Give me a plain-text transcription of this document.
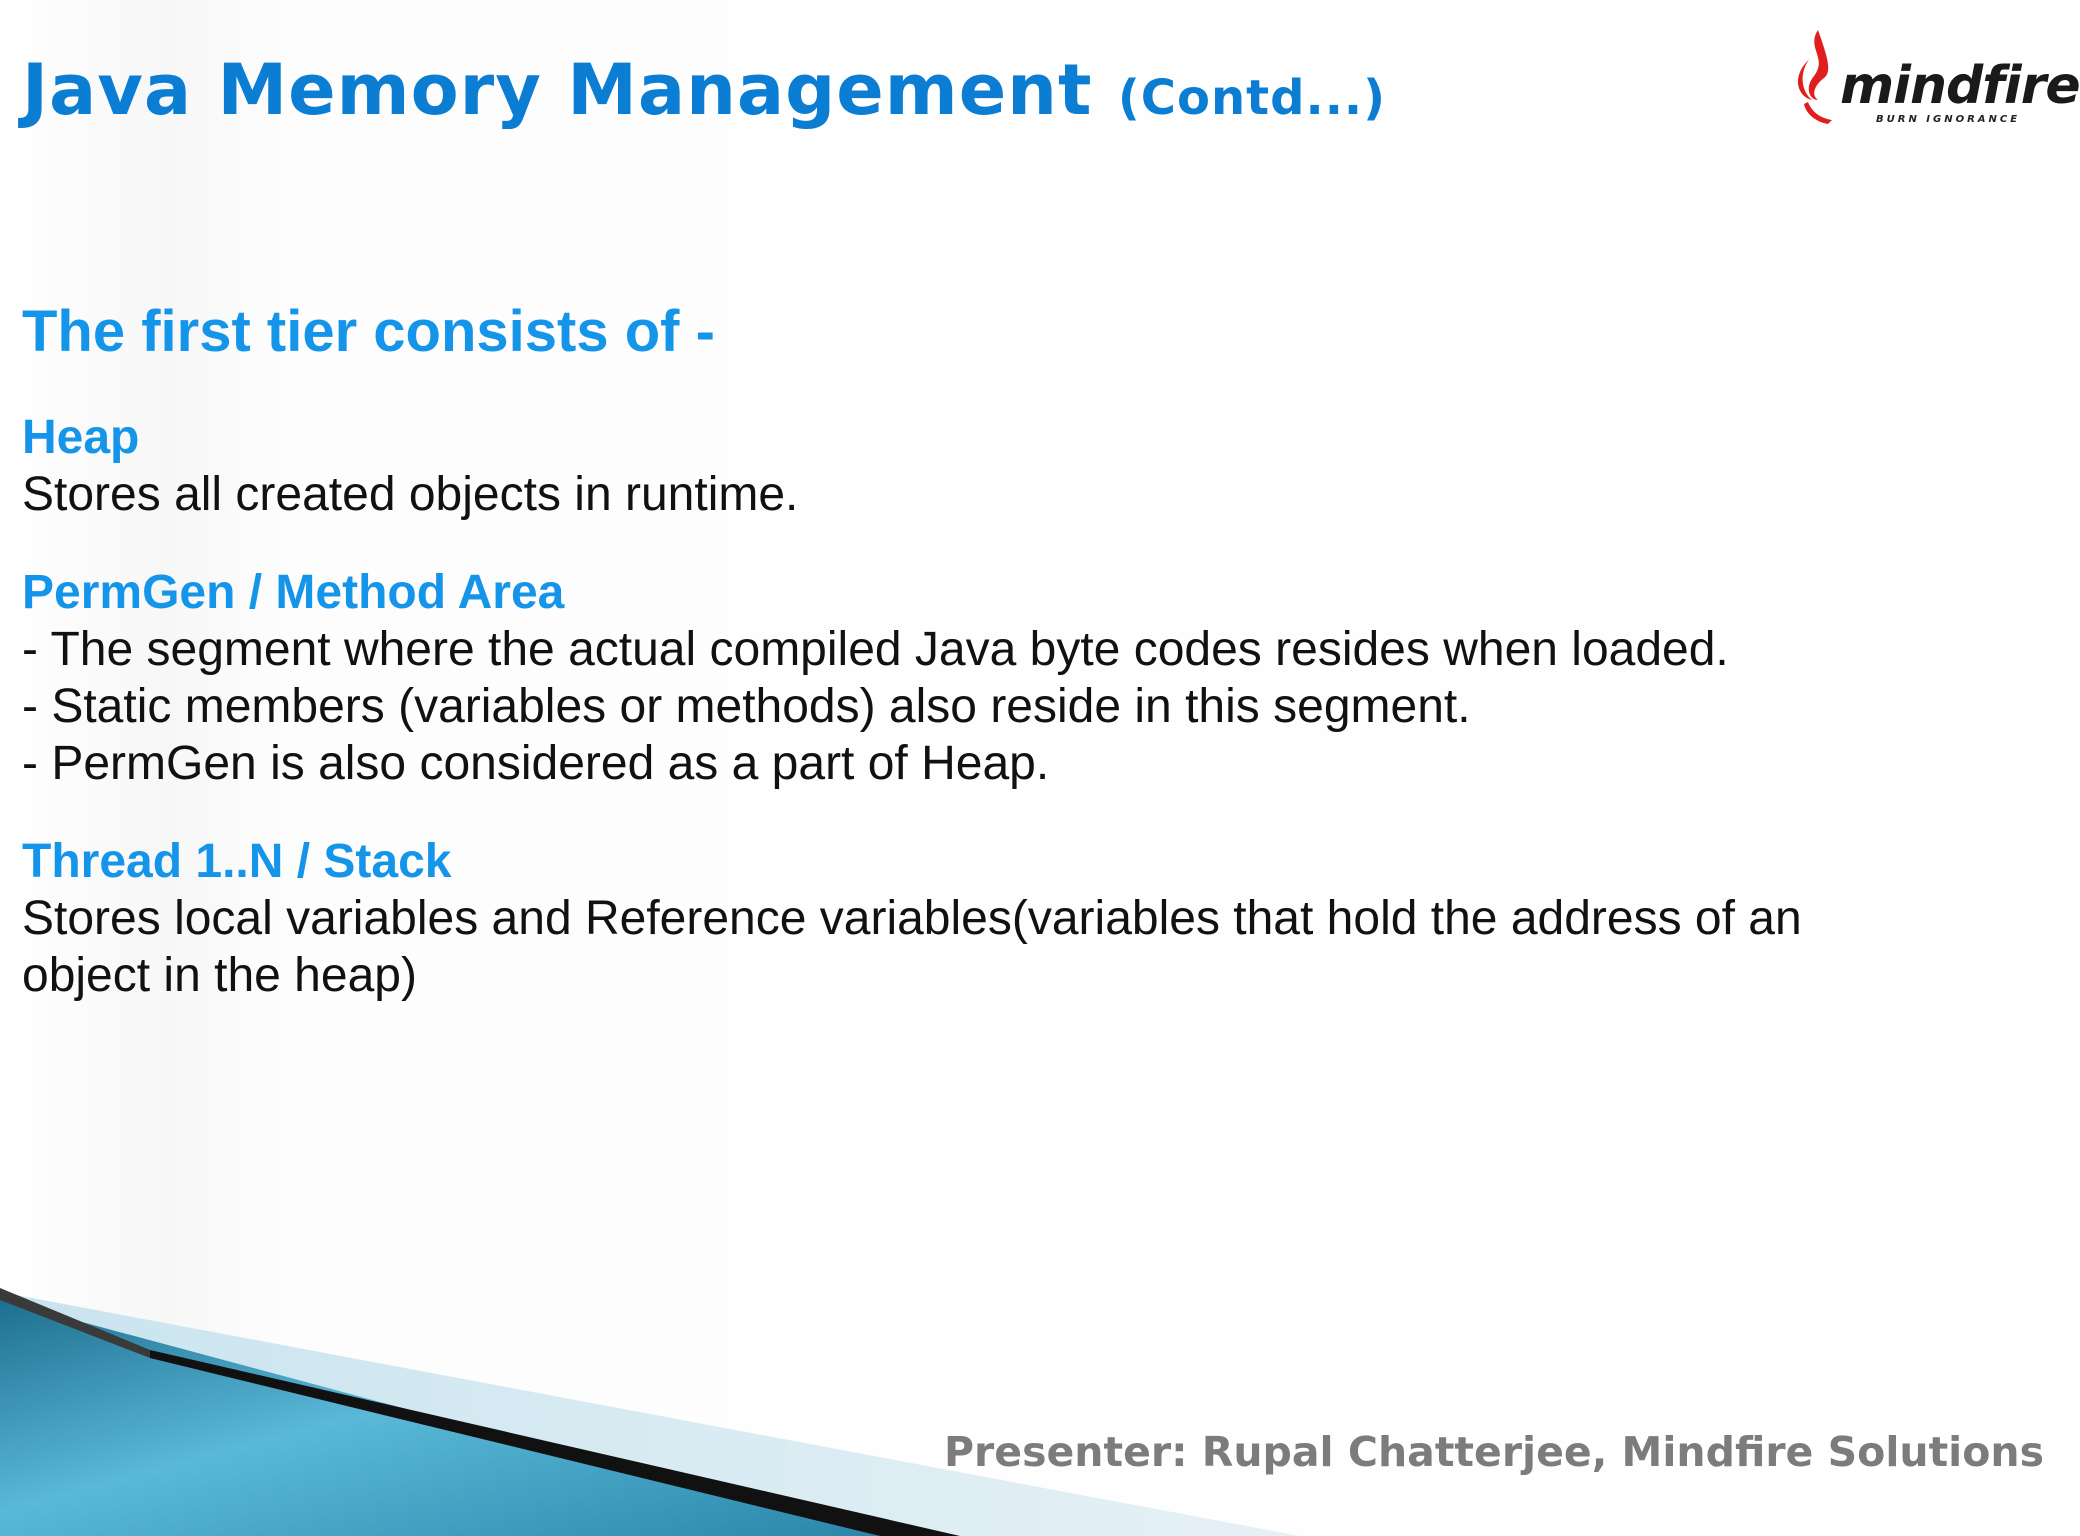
Java Memory Management (Contd...)	mindfire
BURN IGNORANCE
The first tier consists of -

Heap

Stores all created objects in runtime.

PermGen / Method Area

- The segment where the actual compiled Java byte codes resides when loaded.

- Static members (variables or methods) also reside in this segment.

- PermGen is also considered as a part of Heap.

Thread 1..N / Stack

Stores local variables and Reference variables(variables that hold the address of an

object in the heap)

Presenter: Rupal Chatterjee, Mindfire Solutions
